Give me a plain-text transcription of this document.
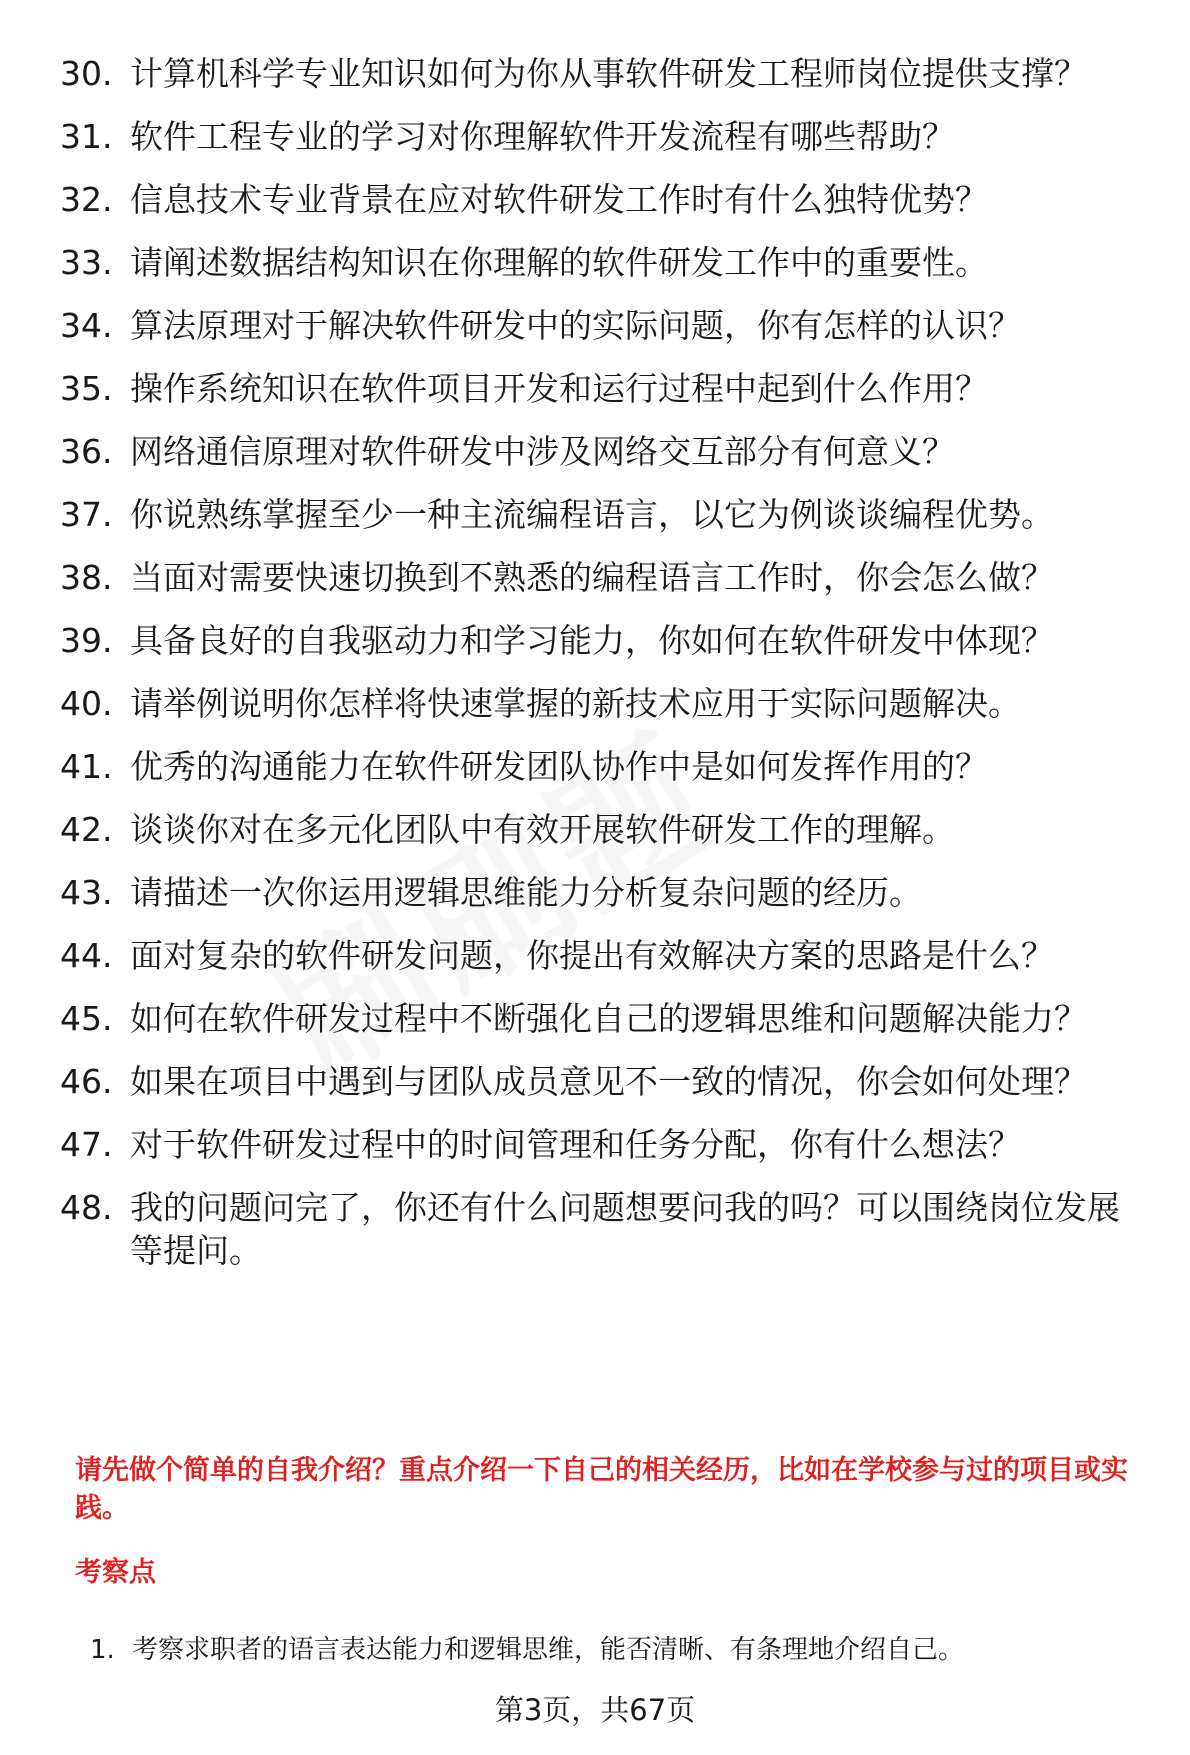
30. 计算机科学专业知识如何为你从事软件研发工程师岗位提供支撑？
31. 软件工程专业的学习对你理解软件开发流程有哪些帮助？
32. 信息技术专业背景在应对软件研发工作时有什么独特优势？
33. 请阐述数据结构知识在你理解的软件研发工作中的重要性。
34. 算法原理对于解决软件研发中的实际问题，你有怎样的认识？
35. 操作系统知识在软件项目开发和运行过程中起到什么作用？
36. 网络通信原理对软件研发中涉及网络交互部分有何意义？
37. 你说熟练掌握至少一种主流编程语言，以它为例谈谈编程优势。
38. 当面对需要快速切换到不熟悉的编程语言工作时，你会怎么做？
39. 具备良好的自我驱动力和学习能力，你如何在软件研发中体现？
40. 请举例说明你怎样将快速掌握的新技术应用于实际问题解决。
41. 优秀的沟通能力在软件研发团队协作中是如何发挥作用的？
42. 谈谈你对在多元化团队中有效开展软件研发工作的理解。
43. 请描述一次你运用逻辑思维能力分析复杂问题的经历。
44. 面对复杂的软件研发问题，你提出有效解决方案的思路是什么？
45. 如何在软件研发过程中不断强化自己的逻辑思维和问题解决能力？
46. 如果在项目中遇到与团队成员意见不一致的情况，你会如何处理？
47. 对于软件研发过程中的时间管理和任务分配，你有什么想法？
48. 我的问题问完了，你还有什么问题想要问我的吗？可以围绕岗位发展等提问。
请先做个简单的自我介绍？重点介绍一下自己的相关经历，比如在学校参与过的项目或实践。
考察点
1. 考察求职者的语言表达能力和逻辑思维，能否清晰、有条理地介绍自己。
第3页，共67页
